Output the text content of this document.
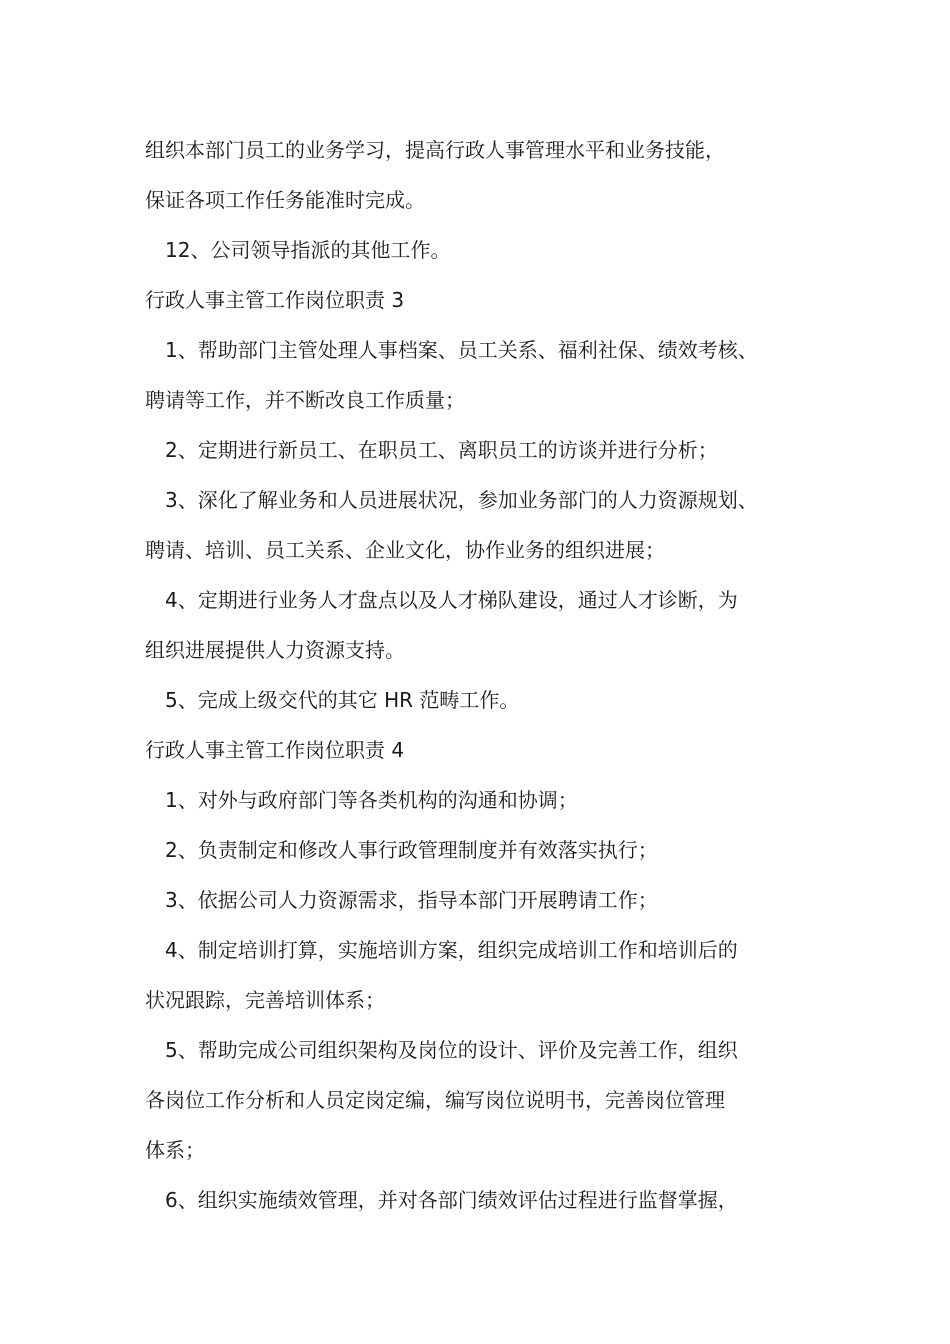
组织本部门员工的业务学习，提高行政人事管理水平和业务技能，
保证各项工作任务能准时完成。
12、公司领导指派的其他工作。
行政人事主管工作岗位职责 3
1、帮助部门主管处理人事档案、员工关系、福利社保、绩效考核、
聘请等工作，并不断改良工作质量；
2、定期进行新员工、在职员工、离职员工的访谈并进行分析；
3、深化了解业务和人员进展状况，参加业务部门的人力资源规划、
聘请、培训、员工关系、企业文化，协作业务的组织进展；
4、定期进行业务人才盘点以及人才梯队建设，通过人才诊断，为
组织进展提供人力资源支持。
5、完成上级交代的其它 HR 范畴工作。
行政人事主管工作岗位职责 4
1、对外与政府部门等各类机构的沟通和协调；
2、负责制定和修改人事行政管理制度并有效落实执行；
3、依据公司人力资源需求，指导本部门开展聘请工作；
4、制定培训打算，实施培训方案，组织完成培训工作和培训后的
状况跟踪，完善培训体系；
5、帮助完成公司组织架构及岗位的设计、评价及完善工作，组织
各岗位工作分析和人员定岗定编，编写岗位说明书，完善岗位管理
体系；
6、组织实施绩效管理，并对各部门绩效评估过程进行监督掌握，
